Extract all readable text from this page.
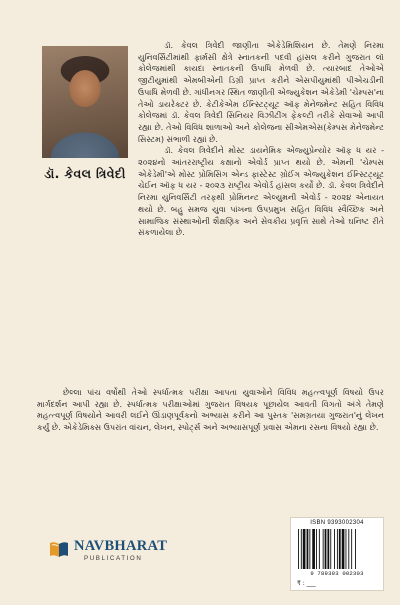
ડૉ. કેવલ ત્રિવેદી

ડૉ. કેવલ ત્રિવેદી જાણીતા એકેડેમિશિયન છે. તેમણે નિરમા યુનિવર્સિટીમાંથી ફાર્મસી ક્ષેત્રે સ્નાતકની પદવી હાંસલ કરીને ગુજરાત લૉ કોલેજમાંથી કાયદા સ્નાતકની ઉપાધિ મેળવી છે. ત્યારબાદ તેઓએ જીટીયુમાંથી એમબીએની ડિગ્રી પ્રાપ્ત કરીને એસપીયુમાંથી પીએચડીની ઉપાધિ મેળવી છે. ગાંધીનગર સ્થિત જાણીતી એજ્યુકેશન એકેડેમી 'ચેમ્પસ'ના તેઓ ડાયરેક્ટર છે. કેટીકેએમ ઈન્સ્ટિટ્યૂટ ઑફ મેનેજમેન્ટ સહિત વિવિધ કોલેજમાં ડૉ. કેવલ ત્રિવેદી સિનિયર વિઝીટીંગ ફેકલ્ટી તરીકે સેવાઓ આપી રહ્યા છે. તેઓ વિવિધ શાળાઓ અને કોલેજના સીએમએસ(કેમ્પસ મેનેજમેન્ટ સિસ્ટમ) સંભાળી રહ્યાં છે.

ડૉ. કેવલ ત્રિવેદીને મોસ્ટ ડાયનેમિક એજ્યુપ્રેન્યોર ઑફ ધ યર - ૨૦૨૪નો આંતરરાષ્ટ્રીય કક્ષાનો એવોર્ડ પ્રાપ્ત થયો છે. એમની 'ચેમ્પસ એકેડેમી'એ મોસ્ટ પ્રોમિસિંગ એન્ડ ફાસ્ટેસ્ટ ગ્રોઈંગ એજ્યુકેશન ઈન્સ્ટિટ્યૂટ ચેઈન ઑફ ધ યર - ૨૦૨૩ રાષ્ટ્રીય એવોર્ડ હાંસલ કર્યો છે. ડૉ. કેવલ ત્રિવેદીને નિરમા યુનિવર્સિટી તરફથી પ્રોમિનન્ટ એલ્યુમની એવોર્ડ - ૨૦૨૪ એનાયત થયો છે. બહુ સમજ યુવા પાંખના ઉપપ્રમુખ સહિત વિવિધ સ્વૈચ્છિક અને સામાજિક સંસ્થાઓની શૈક્ષણિક અને સેવકીય પ્રવૃત્તિ સાથે તેઓ ઘનિષ્ટ રીતે સંકળાયેલા છે.

છેલ્લા પાંચ વર્ષોથી તેઓ સ્પર્ધાત્મક પરીક્ષા આપતા યુવાઓને વિવિધ મહત્ત્વપૂર્ણ વિષયો ઉપર માર્ગદર્શન આપી રહ્યા છે. સ્પર્ધાત્મક પરીક્ષાઓમાં ગુજરાત વિષયક પૂછાયેલ આવતી વિગતો અંગે તેમણે મહત્ત્વપૂર્ણ વિષયોને આવરી લઈને ઊંડાણપૂર્વકનો અભ્યાસ કરીને આ પુસ્તક 'સમગ્રતયા ગુજરાત'નું લેખન કર્યું છે. એકેડેમિક્સ ઉપરાંત વાંચન, લેખન, સ્પોર્ટ્સ અને અભ્યાસપૂર્ણ પ્રવાસ એમના રસના વિષયો રહ્યા છે.

NAVBHARAT
PUBLICATION
ISBN 9393002304
9 789393 002303
₹ : ___
